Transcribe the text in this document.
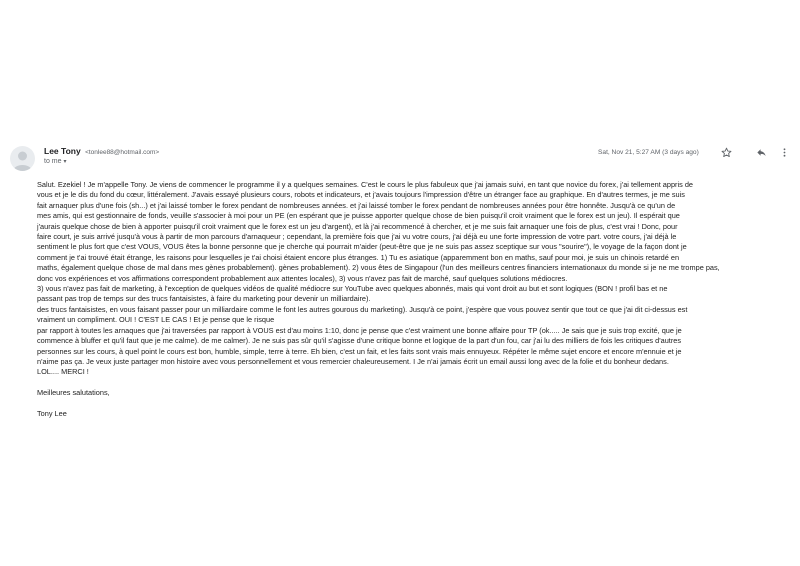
Lee Tony <tonlee88@hotmail.com>
to me ▾
Sat, Nov 21, 5:27 AM (3 days ago)

Salut. Ezekiel ! Je m'appelle Tony. Je viens de commencer le programme il y a quelques semaines. C'est le cours le plus fabuleux que j'ai jamais suivi, en tant que novice du forex, j'ai tellement appris de

vous et je le dis du fond du cœur, littéralement. J'avais essayé plusieurs cours, robots et indicateurs, et j'avais toujours l'impression d'être un étranger face au graphique. En d'autres termes, je me suis

fait arnaquer plus d'une fois (sh...) et j'ai laissé tomber le forex pendant de nombreuses années. et j'ai laissé tomber le forex pendant de nombreuses années pour être honnête. Jusqu'à ce qu'un de

mes amis, qui est gestionnaire de fonds, veuille s'associer à moi pour un PE (en espérant que je puisse apporter quelque chose de bien puisqu'il croit vraiment que le forex est un jeu). Il espérait que

j'aurais quelque chose de bien à apporter puisqu'il croit vraiment que le forex est un jeu d'argent), et là j'ai recommencé à chercher, et je me suis fait arnaquer une fois de plus, c'est vrai ! Donc, pour

faire court, je suis arrivé jusqu'à vous à partir de mon parcours d'arnaqueur ; cependant, la première fois que j'ai vu votre cours, j'ai déjà eu une forte impression de votre part. votre cours, j'ai déjà le

sentiment le plus fort que c'est VOUS, VOUS êtes la bonne personne que je cherche qui pourrait m'aider (peut-être que je ne suis pas assez sceptique sur vous "sourire"), le voyage de la façon dont je

comment je t'ai trouvé était étrange, les raisons pour lesquelles je t'ai choisi étaient encore plus étranges. 1) Tu es asiatique (apparemment bon en maths, sauf pour moi, je suis un chinois retardé en

maths, également quelque chose de mal dans mes gènes probablement). gènes probablement). 2) vous êtes de Singapour (l'un des meilleurs centres financiers internationaux du monde si je ne me trompe pas,

donc vos expériences et vos affirmations correspondent probablement aux attentes locales), 3) vous n'avez pas fait de marché, sauf quelques solutions médiocres.

3) vous n'avez pas fait de marketing, à l'exception de quelques vidéos de qualité médiocre sur YouTube avec quelques abonnés, mais qui vont droit au but et sont logiques (BON ! profil bas et ne

passant pas trop de temps sur des trucs fantaisistes, à faire du marketing pour devenir un milliardaire).

des trucs fantaisistes, en vous faisant passer pour un milliardaire comme le font les autres gourous du marketing). Jusqu'à ce point, j'espère que vous pouvez sentir que tout ce que j'ai dit ci-dessus est

vraiment un compliment. OUI ! C'EST LE CAS ! Et je pense que le risque

par rapport à toutes les arnaques que j'ai traversées par rapport à VOUS est d'au moins 1:10, donc je pense que c'est vraiment une bonne affaire pour TP (ok..... Je sais que je suis trop excité, que je

commence à bluffer et qu'il faut que je me calme). de me calmer). Je ne suis pas sûr qu'il s'agisse d'une critique bonne et logique de la part d'un fou, car j'ai lu des milliers de fois les critiques d'autres

personnes sur les cours, à quel point le cours est bon, humble, simple, terre à terre. Eh bien, c'est un fait, et les faits sont vrais mais ennuyeux. Répéter le même sujet encore et encore m'ennuie et je

n'aime pas ça. Je veux juste partager mon histoire avec vous personnellement et vous remercier chaleureusement. I Je n'ai jamais écrit un email aussi long avec de la folie et du bonheur dedans.

LOL.... MERCI !

Meilleures salutations,

Tony Lee
